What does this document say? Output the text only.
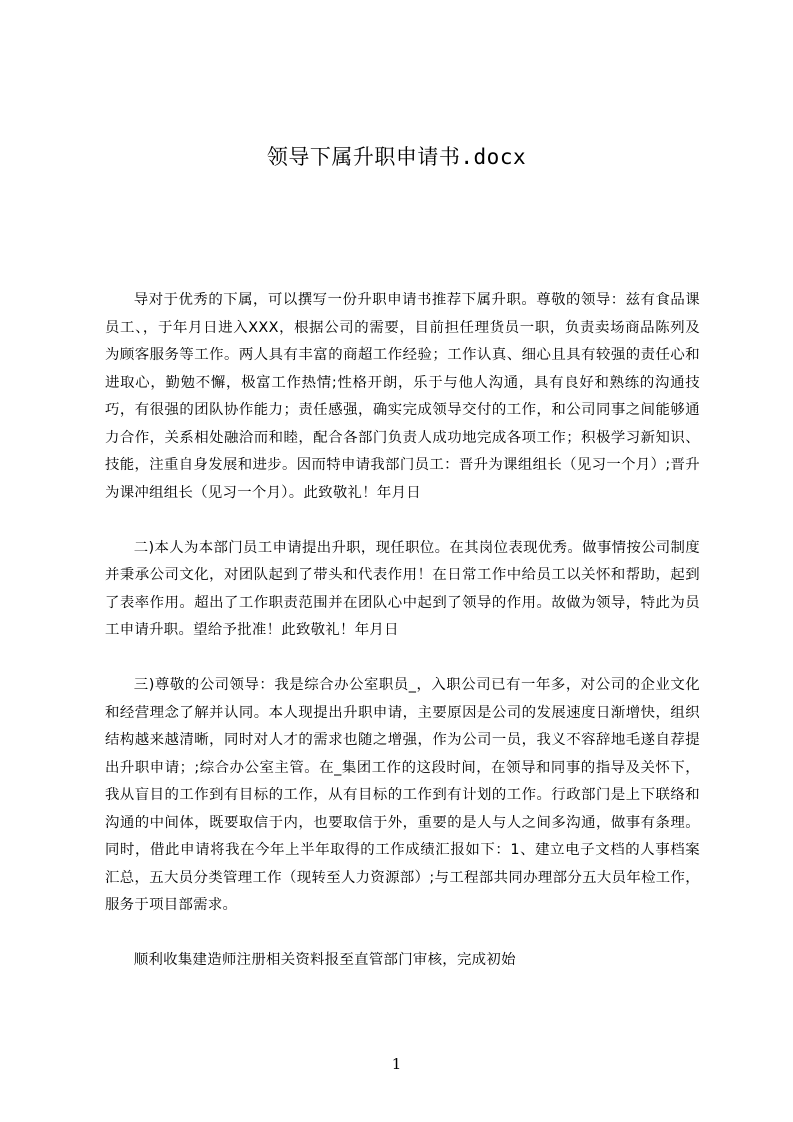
领导下属升职申请书.docx

导对于优秀的下属，可以撰写一份升职申请书推荐下属升职。尊敬的领导：兹有食品课员工、，于年月日进入XXX，根据公司的需要，目前担任理货员一职，负责卖场商品陈列及为顾客服务等工作。两人具有丰富的商超工作经验；工作认真、细心且具有较强的责任心和进取心，勤勉不懈，极富工作热情;性格开朗，乐于与他人沟通，具有良好和熟练的沟通技巧，有很强的团队协作能力；责任感强，确实完成领导交付的工作，和公司同事之间能够通力合作，关系相处融洽而和睦，配合各部门负责人成功地完成各项工作；积极学习新知识、技能，注重自身发展和进步。因而特申请我部门员工：晋升为课组组长（见习一个月）;晋升为课冲组组长（见习一个月）。此致敬礼！年月日

二)本人为本部门员工申请提出升职，现任职位。在其岗位表现优秀。做事情按公司制度并秉承公司文化，对团队起到了带头和代表作用！在日常工作中给员工以关怀和帮助，起到了表率作用。超出了工作职责范围并在团队心中起到了领导的作用。故做为领导，特此为员工申请升职。望给予批准！此致敬礼！年月日

三)尊敬的公司领导：我是综合办公室职员_，入职公司已有一年多，对公司的企业文化和经营理念了解并认同。本人现提出升职申请，主要原因是公司的发展速度日渐增快，组织结构越来越清晰，同时对人才的需求也随之增强，作为公司一员，我义不容辞地毛遂自荐提出升职申请；;综合办公室主管。在_集团工作的这段时间，在领导和同事的指导及关怀下，我从盲目的工作到有目标的工作，从有目标的工作到有计划的工作。行政部门是上下联络和沟通的中间体，既要取信于内，也要取信于外，重要的是人与人之间多沟通，做事有条理。同时，借此申请将我在今年上半年取得的工作成绩汇报如下：1、建立电子文档的人事档案汇总，五大员分类管理工作（现转至人力资源部）;与工程部共同办理部分五大员年检工作，服务于项目部需求。

顺利收集建造师注册相关资料报至直管部门审核，完成初始

1
